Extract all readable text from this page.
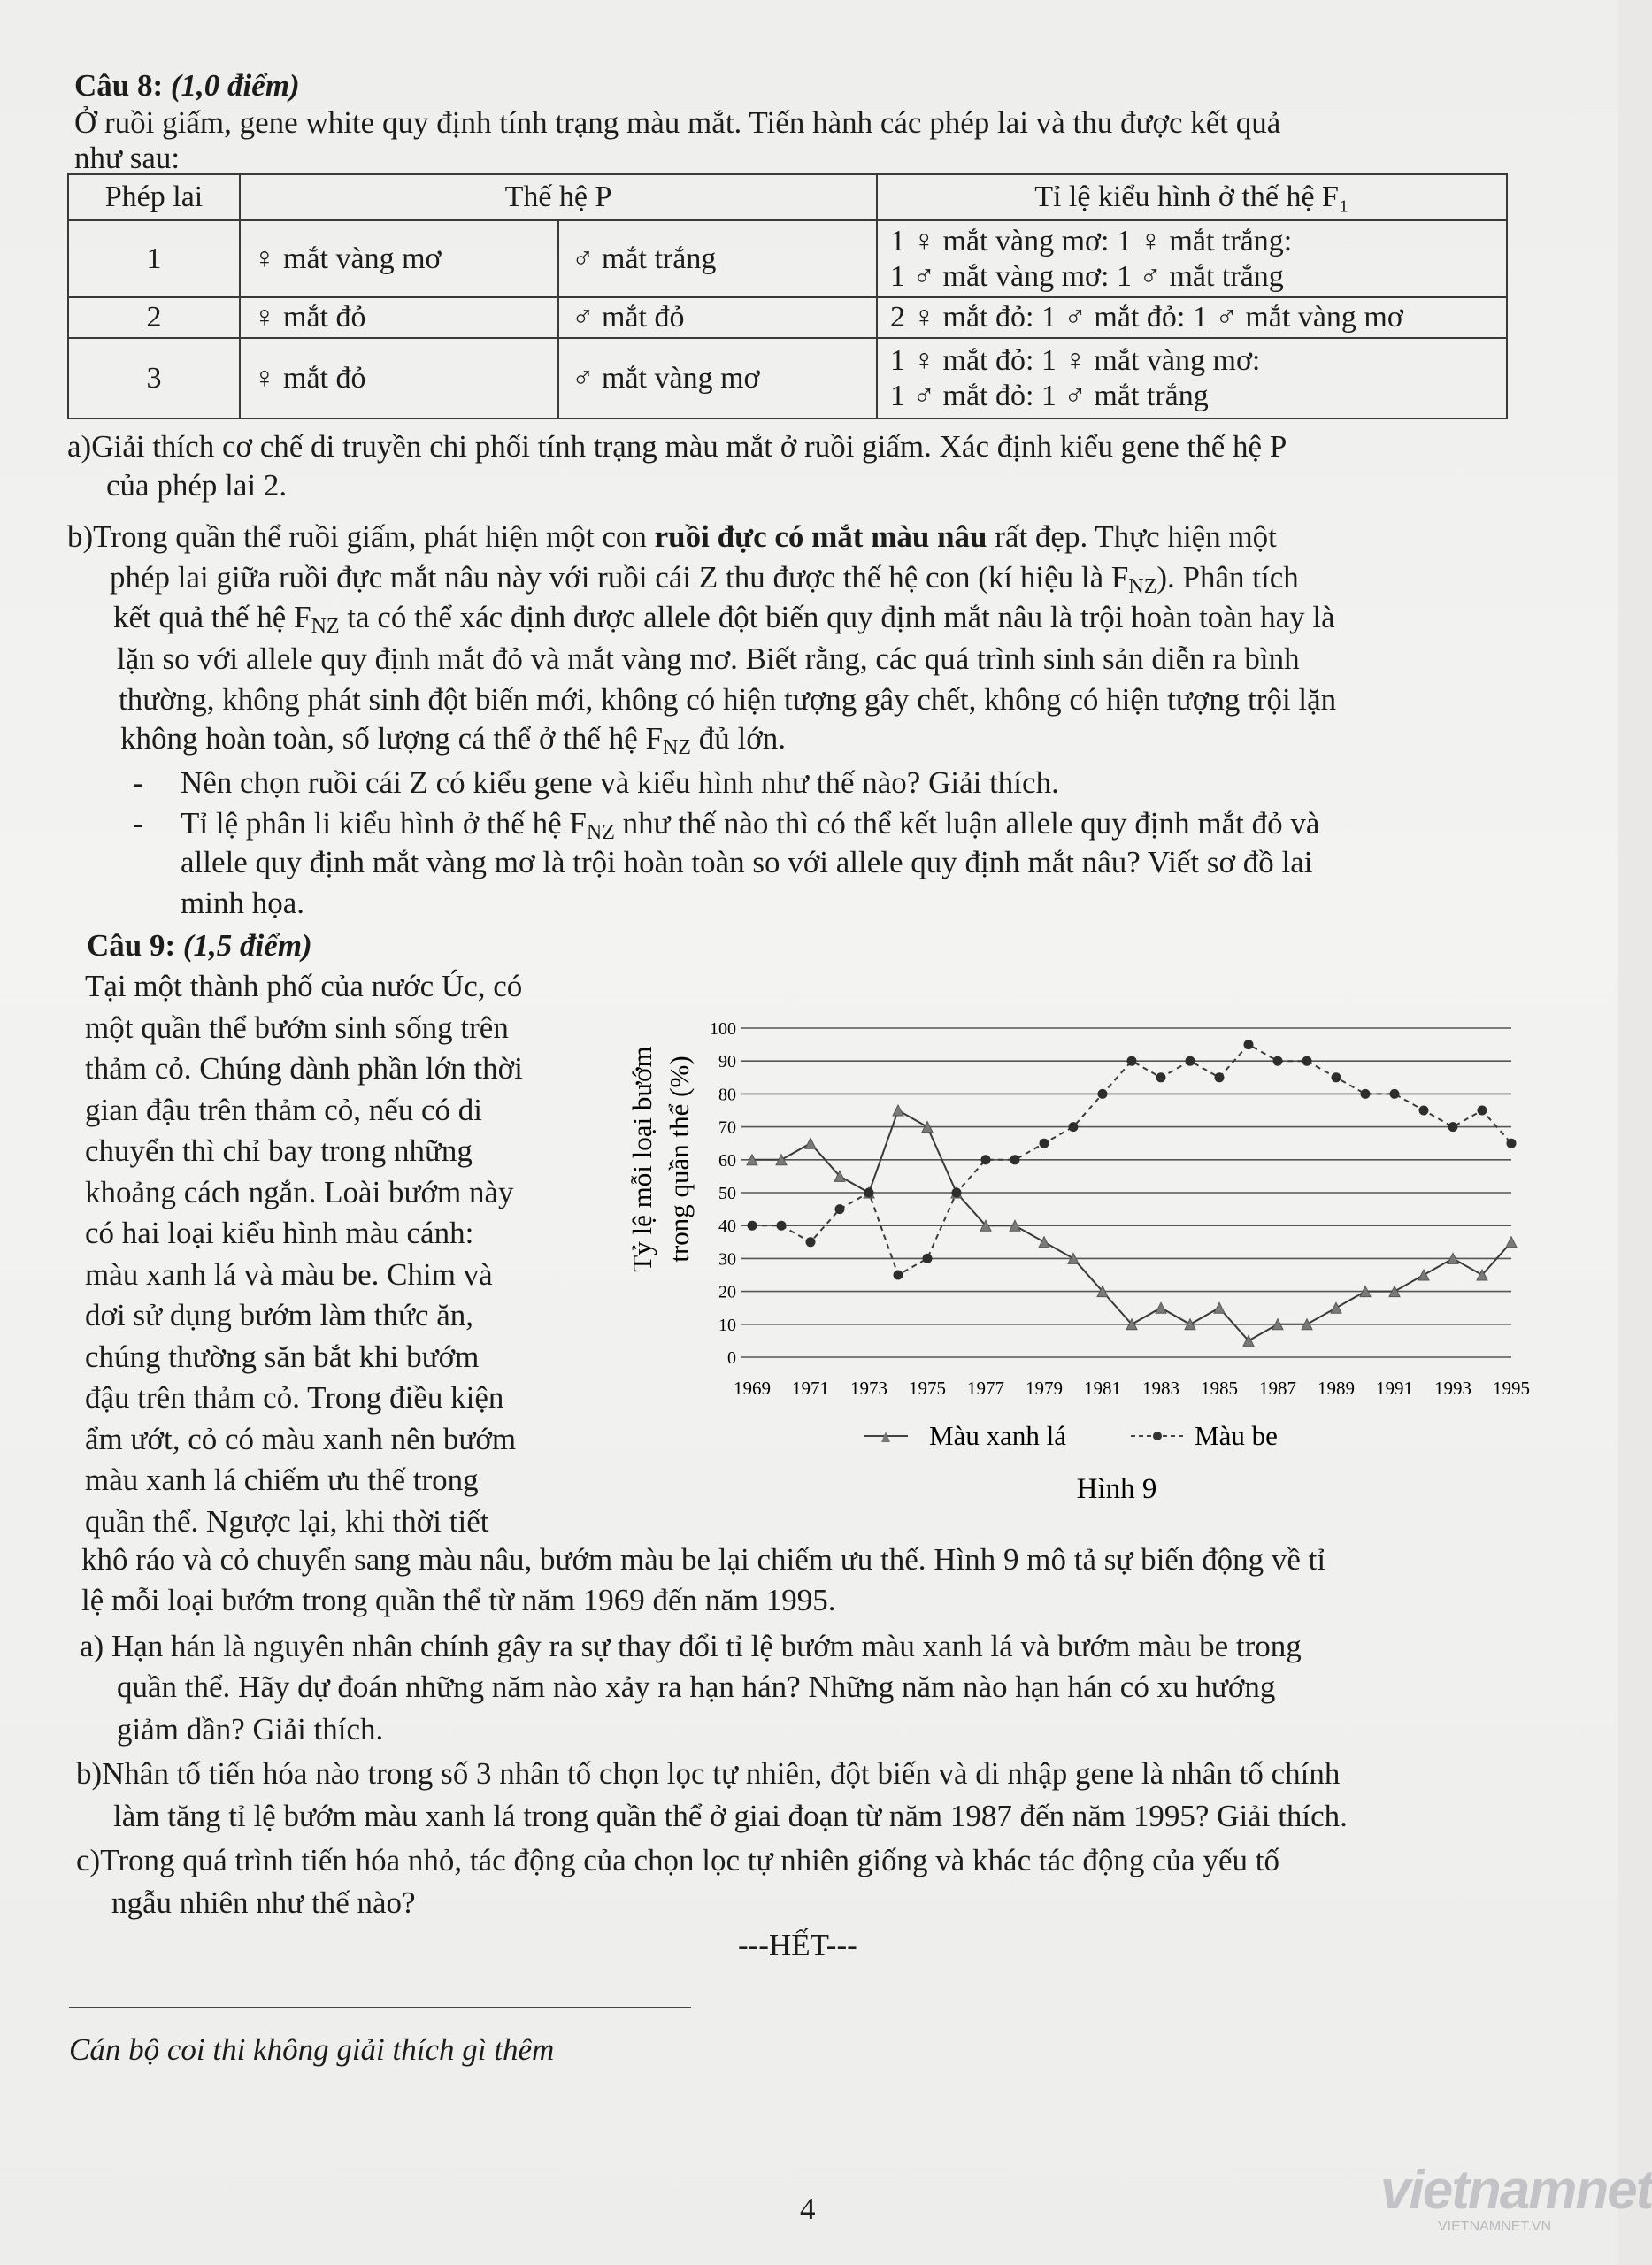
Câu 8: (1,0 điểm)
Ở ruồi giấm, gene white quy định tính trạng màu mắt. Tiến hành các phép lai và thu được kết quả
như sau:
Phép lai	Thế hệ P		Tỉ lệ kiểu hình ở thế hệ F₁
1	♀ mắt vàng mơ	♂ mắt trắng	1 ♀ mắt vàng mơ: 1 ♀ mắt trắng:
1 ♂ mắt vàng mơ: 1 ♂ mắt trắng

2	♀ mắt đỏ	♂ mắt đỏ	2 ♀ mắt đỏ: 1 ♂ mắt đỏ: 1 ♂ mắt vàng mơ
3	♀ mắt đỏ	♂ mắt vàng mơ	1 ♀ mắt đỏ: 1 ♀ mắt vàng mơ:
1 ♂ mắt đỏ: 1 ♂ mắt trắng
a)Giải thích cơ chế di truyền chi phối tính trạng màu mắt ở ruồi giấm. Xác định kiểu gene thế hệ P
của phép lai 2.
b)Trong quần thể ruồi giấm, phát hiện một con ruồi đực có mắt màu nâu rất đẹp. Thực hiện một
phép lai giữa ruồi đực mắt nâu này với ruồi cái Z thu được thế hệ con (kí hiệu là $F_{NZ}$). Phân tích
kết quả thế hệ $F_{NZ}$ ta có thể xác định được allele đột biến quy định mắt nâu là trội hoàn toàn hay là
lặn so với allele quy định mắt đỏ và mắt vàng mơ. Biết rằng, các quá trình sinh sản diễn ra bình
thường, không phát sinh đột biến mới, không có hiện tượng gây chết, không có hiện tượng trội lặn
không hoàn toàn, số lượng cá thể ở thế hệ $F_{NZ}$ đủ lớn.
- Nên chọn ruồi cái Z có kiểu gene và kiểu hình như thế nào? Giải thích.
- Tỉ lệ phân li kiểu hình ở thế hệ $F_{NZ}$ như thế nào thì có thể kết luận allele quy định mắt đỏ và
allele quy định mắt vàng mơ là trội hoàn toàn so với allele quy định mắt nâu? Viết sơ đồ lai
minh họa.
Câu 9: (1,5 điểm)
Tại một thành phố của nước Úc, có
một quần thể bướm sinh sống trên
thảm cỏ. Chúng dành phần lớn thời
gian đậu trên thảm cỏ, nếu có di
chuyển thì chỉ bay trong những
khoảng cách ngắn. Loài bướm này
có hai loại kiểu hình màu cánh:
màu xanh lá và màu be. Chim và
dơi sử dụng bướm làm thức ăn,
chúng thường săn bắt khi bướm
đậu trên thảm cỏ. Trong điều kiện
ẩm ướt, cỏ có màu xanh nên bướm
màu xanh lá chiếm ưu thế trong
quần thể. Ngược lại, khi thời tiết
0
10
20
30
40
50
60
70
80
90
100
1969 1971 1973 1975 1977 1979 1981 1983 1985 1987 1989 1991 1993 1995
Tỷ lệ mỗi loại bướm trong quần thể (%)
Màu xanh lá	Màu be
Hình 9
khô ráo và cỏ chuyển sang màu nâu, bướm màu be lại chiếm ưu thế. Hình 9 mô tả sự biến động về tỉ
lệ mỗi loại bướm trong quần thể từ năm 1969 đến năm 1995.
a) Hạn hán là nguyên nhân chính gây ra sự thay đổi tỉ lệ bướm màu xanh lá và bướm màu be trong
quần thể. Hãy dự đoán những năm nào xảy ra hạn hán? Những năm nào hạn hán có xu hướng
giảm dần? Giải thích.
b)Nhân tố tiến hóa nào trong số 3 nhân tố chọn lọc tự nhiên, đột biến và di nhập gene là nhân tố chính
làm tăng tỉ lệ bướm màu xanh lá trong quần thể ở giai đoạn từ năm 1987 đến năm 1995? Giải thích.
c)Trong quá trình tiến hóa nhỏ, tác động của chọn lọc tự nhiên giống và khác tác động của yếu tố
ngẫu nhiên như thế nào?
---HẾT---
Cán bộ coi thi không giải thích gì thêm
4	vietnamnet
VIETNAMNET.VN
